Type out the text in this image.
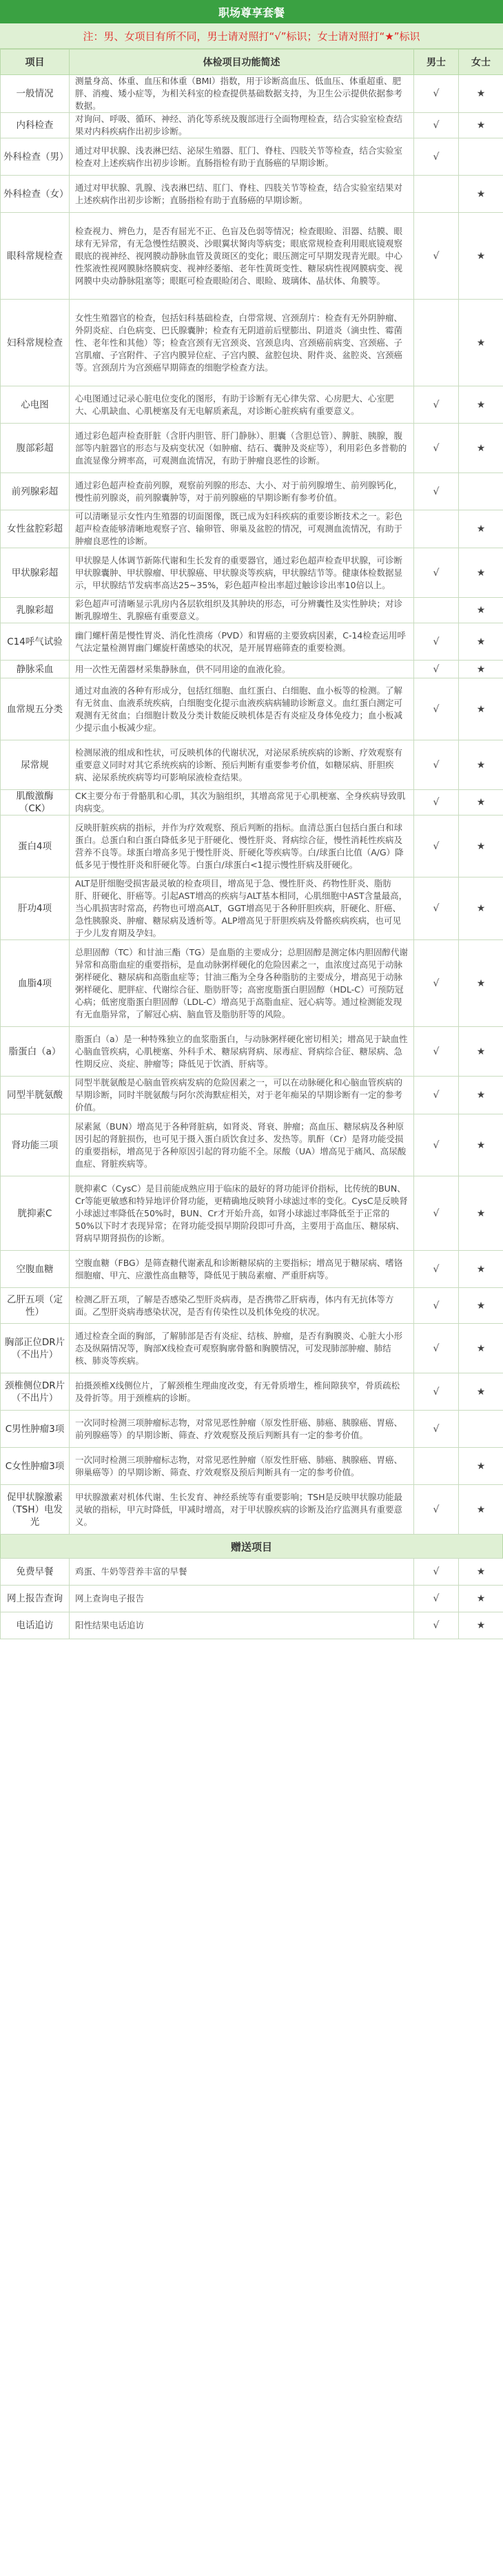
职场尊享套餐
注：男、女项目有所不同，男士请对照打“√”标识；女士请对照打“★”标识
项目	体检项目功能简述	男士	女士
一般情况	测量身高、体重、血压和体重（BMI）指数，用于诊断高血压、低血压、体重超重、肥胖、消瘦、矮小症等，为相关科室的检查提供基础数据支持，为卫生公示提供依据参考数据。	√	★
内科检查	对询问、呼吸、循环、神经、消化等系统及腹部进行全面物理检查，结合实验室检查结果对内科疾病作出初步诊断。	√	★
外科检查（男）	通过对甲状腺、浅表淋巴结、泌尿生殖器、肛门、脊柱、四肢关节等检查，结合实验室检查对上述疾病作出初步诊断。直肠指检有助于直肠癌的早期诊断。	√	
外科检查（女）	通过对甲状腺、乳腺、浅表淋巴结、肛门、脊柱、四肢关节等检查，结合实验室结果对上述疾病作出初步诊断；直肠指检有助于直肠癌的早期诊断。		★
眼科常规检查	检查视力、辨色力，是否有屈光不正、色盲及色弱等情况；检查眼睑、泪器、结膜、眼球有无异常，有无急慢性结膜炎、沙眼翼状胬肉等病变；眼底常规检查利用眼底镜观察眼底的视神经、视网膜动静脉血管及黄斑区的变化；眼压测定可早期发现青光眼。中心性浆液性视网膜脉络膜病变、视神经萎缩、老年性黄斑变性、糖尿病性视网膜病变、视网膜中央动静脉阻塞等；眼眶可检查眼睑闭合、眼睑、玻璃体、晶状体、角膜等。	√	★
妇科常规检查	女性生殖器官的检查，包括妇科基础检查，白带常规、宫颈刮片：检查有无外阴肿瘤、外阴炎症、白色病变、巴氏腺囊肿；检查有无阴道前后壁膨出、阴道炎（滴虫性、霉菌性、老年性和其他）等；检查宫颈有无宫颈炎、宫颈息肉、宫颈癌前病变、宫颈癌、子宫肌瘤、子宫附件、子宫内膜异位症、子宫内膜、盆腔包块、附件炎、盆腔炎、宫颈癌等。宫颈刮片为宫颈癌早期筛查的细胞学检查方法。		★
心电图	心电图通过记录心脏电位变化的图形，有助于诊断有无心律失常、心房肥大、心室肥大、心肌缺血、心肌梗塞及有无电解质紊乱，对诊断心脏疾病有重要意义。	√	★
腹部彩超	通过彩色超声检查肝脏（含肝内胆管、肝门静脉）、胆囊（含胆总管）、脾脏、胰腺，腹部等内脏器官的形态与及病变状况（如肿瘤、结石、囊肿及炎症等），利用彩色多普勒的血流显像分辨率高，可观测血流情况，有助于肿瘤良恶性的诊断。	√	★
前列腺彩超	通过彩色超声检查前列腺，观察前列腺的形态、大小、对于前列腺增生、前列腺钙化，慢性前列腺炎，前列腺囊肿等，对于前列腺癌的早期诊断有参考价值。	√	
女性盆腔彩超	可以清晰显示女性内生殖器的切面图像，既已成为妇科疾病的重要诊断技术之一。彩色超声检查能够清晰地观察子宫、输卵管、卵巢及盆腔的情况，可观测血流情况，有助于肿瘤良恶性的诊断。		★
甲状腺彩超	甲状腺是人体调节新陈代谢和生长发育的重要器官，通过彩色超声检查甲状腺，可诊断甲状腺囊肿、甲状腺瘤、甲状腺癌、甲状腺炎等疾病，甲状腺结节等。健康体检数据显示，甲状腺结节发病率高达25~35%，彩色超声检出率超过触诊诊出率10倍以上。	√	★
乳腺彩超	彩色超声可清晰显示乳房内各层软组织及其肿块的形态，可分辨囊性及实性肿块；对诊断乳腺增生、乳腺癌有重要意义。		★
C14呼气试验	幽门螺杆菌是慢性胃炎、消化性溃疡（PVD）和胃癌的主要致病因素，C-14检查运用呼气法定量检测胃幽门螺旋杆菌感染的状况，是开展胃癌筛查的重要检测。	√	★
静脉采血	用一次性无菌器材采集静脉血，供不同用途的血液化验。	√	★
血常规五分类	通过对血液的各种有形成分，包括红细胞、血红蛋白、白细胞、血小板等的检测。了解有无贫血、血液系统疾病，白细胞变化提示血液疾病病辅助诊断意义。血红蛋白测定可观测有无贫血；白细胞计数及分类计数能反映机体是否有炎症及身体免疫力；血小板减少提示血小板减少症。	√	★
尿常规	检测尿液的组成和性状，可反映机体的代谢状况，对泌尿系统疾病的诊断、疗效观察有重要意义同时对其它系统疾病的诊断、预后判断有重要参考价值，如糖尿病、肝胆疾病、泌尿系统疾病等均可影响尿液检查结果。	√	★
肌酸激酶（CK）	CK主要分布于骨骼肌和心肌，其次为脑组织，其增高常见于心肌梗塞、全身疾病导致肌肉病变。	√	★
蛋白4项	反映肝脏疾病的指标，并作为疗效观察、预后判断的指标。血清总蛋白包括白蛋白和球蛋白。总蛋白和白蛋白降低多见于肝硬化、慢性肝炎、肾病综合征，慢性消耗性疾病及营养不良等。球蛋白增高多见于慢性肝炎、肝硬化等疾病等。白/球蛋白比值（A/G）降低多见于慢性肝炎和肝硬化等。白蛋白/球蛋白<1提示慢性肝病及肝硬化。	√	★
肝功4项	ALT是肝细胞受损害最灵敏的检查项目，增高见于急、慢性肝炎、药物性肝炎、脂肪肝、肝硬化、肝癌等。引起AST增高的疾病与ALT基本相同，心肌细胞中AST含量最高，当心肌损害时常高，药物也可增高ALT，GGT增高见于各种肝胆疾病，肝硬化、肝癌、急性胰腺炎、肿瘤、糖尿病及透析等。ALP增高见于肝胆疾病及骨骼疾病疾病，也可见于少儿发育期及孕妇。	√	★
血脂4项	总胆固醇（TC）和甘油三酯（TG）是血脂的主要成分；总胆固醇是测定体内胆固醇代谢异常和高脂血症的重要指标，是血动脉粥样硬化的危险因素之一，血浓度过高见于动脉粥样硬化、糖尿病和高脂血症等；甘油三酯为全身各种脂肪的主要成分，增高见于动脉粥样硬化、肥胖症、代谢综合征、脂肪肝等；高密度脂蛋白胆固醇（HDL-C）可预防冠心病；低密度脂蛋白胆固醇（LDL-C）增高见于高脂血症、冠心病等。通过检测能发现有无血脂异常，了解冠心病、脑血管及脂肪肝等的风险。	√	★
脂蛋白（a）	脂蛋白（a）是一种特殊独立的血浆脂蛋白，与动脉粥样硬化密切相关；增高见于缺血性心脑血管疾病，心肌梗塞、外科手术、糖尿病肾病、尿毒症、肾病综合征、糖尿病、急性期反应、炎症、肿瘤等；降低见于饮酒、肝病等。	√	★
同型半胱氨酸	同型半胱氨酸是心脑血管疾病发病的危险因素之一，可以在动脉硬化和心脑血管疾病的早期诊断，同时半胱氨酸与阿尔茨海默症相关，对于老年痴呆的早期诊断有一定的参考价值。	√	★
肾功能三项	尿素氮（BUN）增高见于各种肾脏病，如肾炎、肾衰、肿瘤；高血压、糖尿病及各种原因引起的肾脏损伤，也可见于摄入蛋白质饮食过多、发热等。肌酐（Cr）是肾功能受损的重要指标，增高见于各种原因引起的肾功能不全。尿酸（UA）增高见于痛风、高尿酸血症、肾脏疾病等。	√	★
胱抑素C	胱抑素C（CysC）是目前能成熟应用于临床的最好的肾功能评价指标，比传统的BUN、Cr等能更敏感和特异地评价肾功能，更精确地反映肾小球滤过率的变化。CysC是反映肾小球滤过率降低在50%时，BUN、Cr才开始升高，如肾小球滤过率降低至于正常的50%以下时才表现异常；在肾功能受损早期阶段即可升高，主要用于高血压、糖尿病、肾病早期肾损伤的诊断。	√	★
空腹血糖	空腹血糖（FBG）是筛查糖代谢紊乱和诊断糖尿病的主要指标；增高见于糖尿病、嗜铬细胞瘤、甲亢、应激性高血糖等，降低见于胰岛素瘤、严重肝病等。	√	★
乙肝五项（定性）	检测乙肝五项，了解是否感染乙型肝炎病毒，是否携带乙肝病毒，体内有无抗体等方面。乙型肝炎病毒感染状况，是否有传染性以及机体免疫的状况。	√	★
胸部正位DR片（不出片）	通过检查全面的胸部，了解肺部是否有炎症、结核、肿瘤，是否有胸膜炎、心脏大小形态及纵隔情况等，胸部X线检查可观察胸廓骨骼和胸膜情况，可发现肺部肿瘤、肺结核、肺炎等疾病。	√	★
颈椎侧位DR片（不出片）	拍摄颈椎X线侧位片，了解颈椎生理曲度改变，有无骨质增生，椎间隙狭窄，骨质疏松及骨折等。用于颈椎病的诊断。	√	★
C男性肿瘤3项	一次同时检测三项肿瘤标志物，对常见恶性肿瘤（原发性肝癌、肺癌、胰腺癌、胃癌、前列腺癌等）的早期诊断、筛查、疗效观察及预后判断具有一定的参考价值。	√	
C女性肿瘤3项	一次同时检测三项肿瘤标志物，对常见恶性肿瘤（原发性肝癌、肺癌、胰腺癌、胃癌、卵巢癌等）的早期诊断、筛查、疗效观察及预后判断具有一定的参考价值。		★
促甲状腺激素（TSH）电发光	甲状腺激素对机体代谢、生长发育、神经系统等有重要影响；TSH是反映甲状腺功能最灵敏的指标，甲亢时降低，甲减时增高，对于甲状腺疾病的诊断及治疗监测具有重要意义。	√	★
赠送项目
免费早餐	鸡蛋、牛奶等营养丰富的早餐	√	★
网上报告查询	网上查询电子报告	√	★
电话追访	阳性结果电话追访	√	★
